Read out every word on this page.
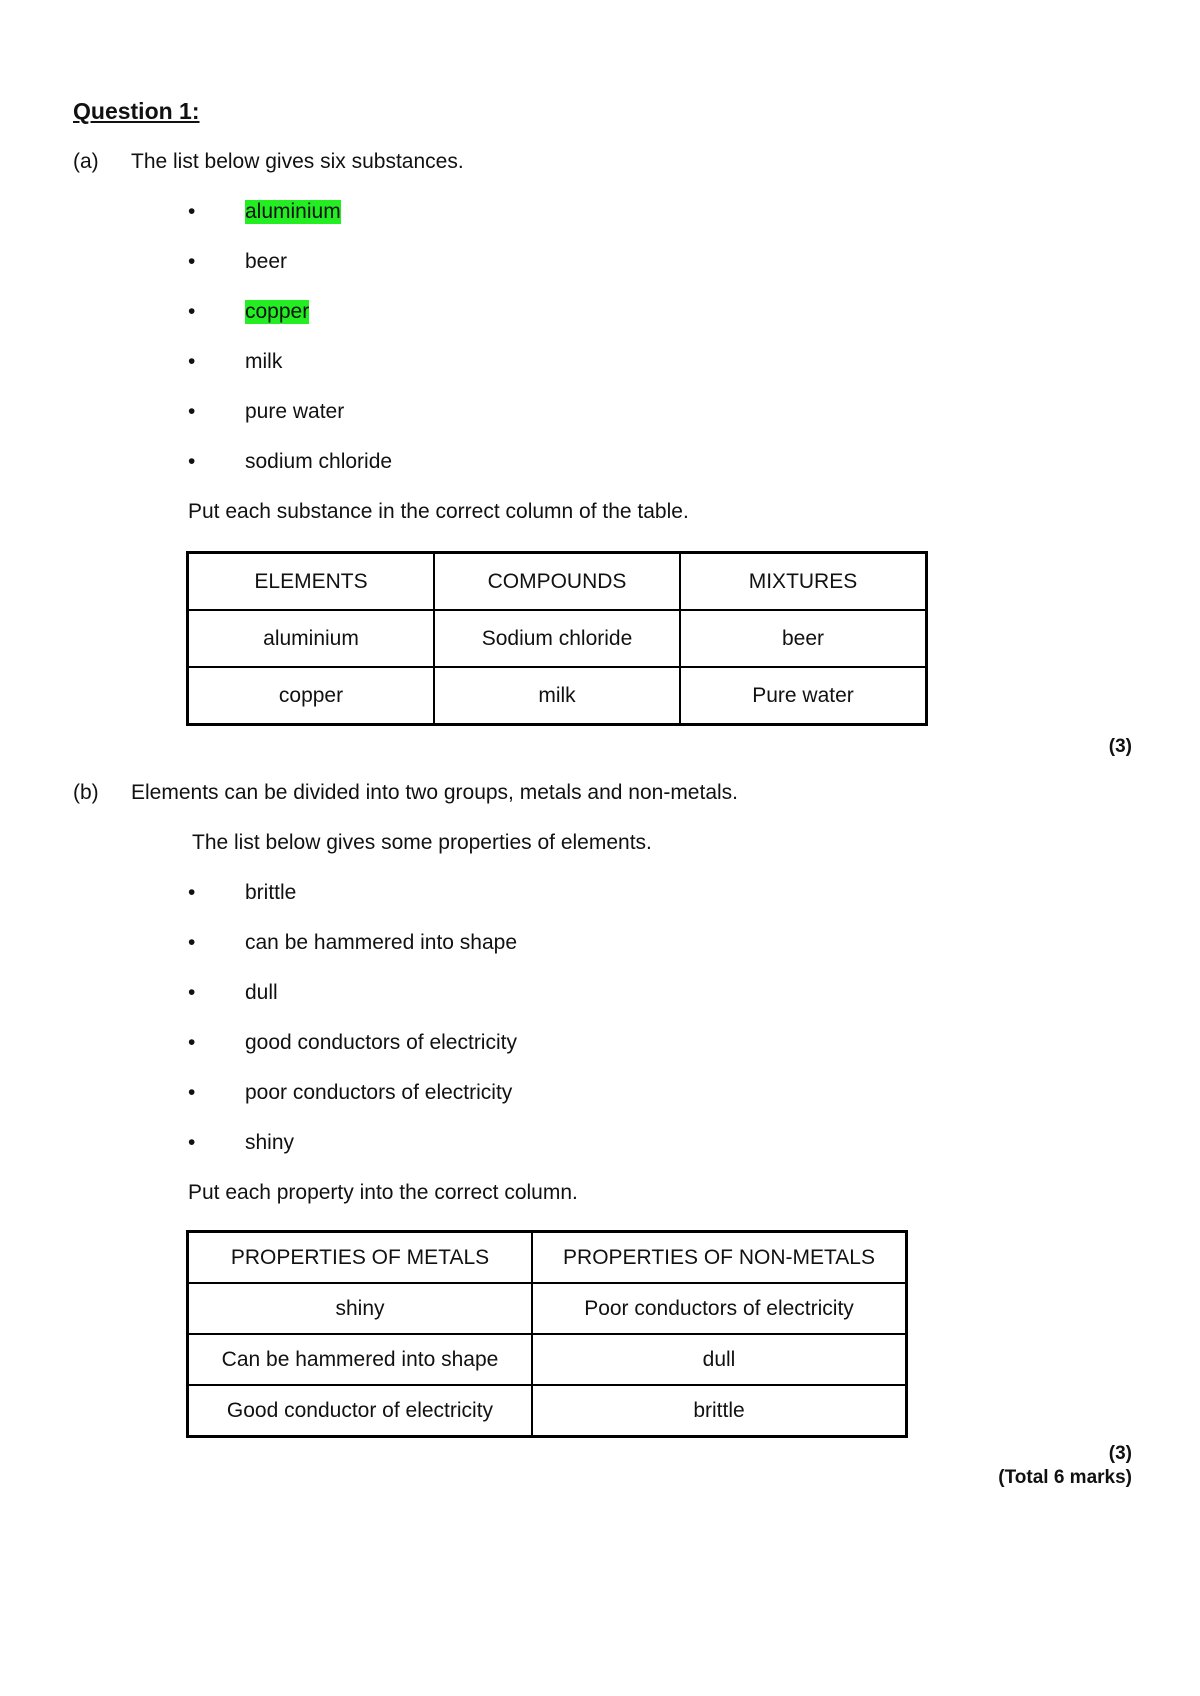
Question 1:
(a) The list below gives six substances.
• aluminium
• beer
• copper
• milk
• pure water
• sodium chloride
Put each substance in the correct column of the table.
ELEMENTS	COMPOUNDS	MIXTURES
aluminium	Sodium chloride	beer
copper	milk	Pure water
(3)
(b) Elements can be divided into two groups, metals and non-metals.
The list below gives some properties of elements.
• brittle
• can be hammered into shape
• dull
• good conductors of electricity
• poor conductors of electricity
• shiny
Put each property into the correct column.
PROPERTIES OF METALS	PROPERTIES OF NON-METALS
shiny	Poor conductors of electricity
Can be hammered into shape	dull
Good conductor of electricity	brittle
(3)
(Total 6 marks)
